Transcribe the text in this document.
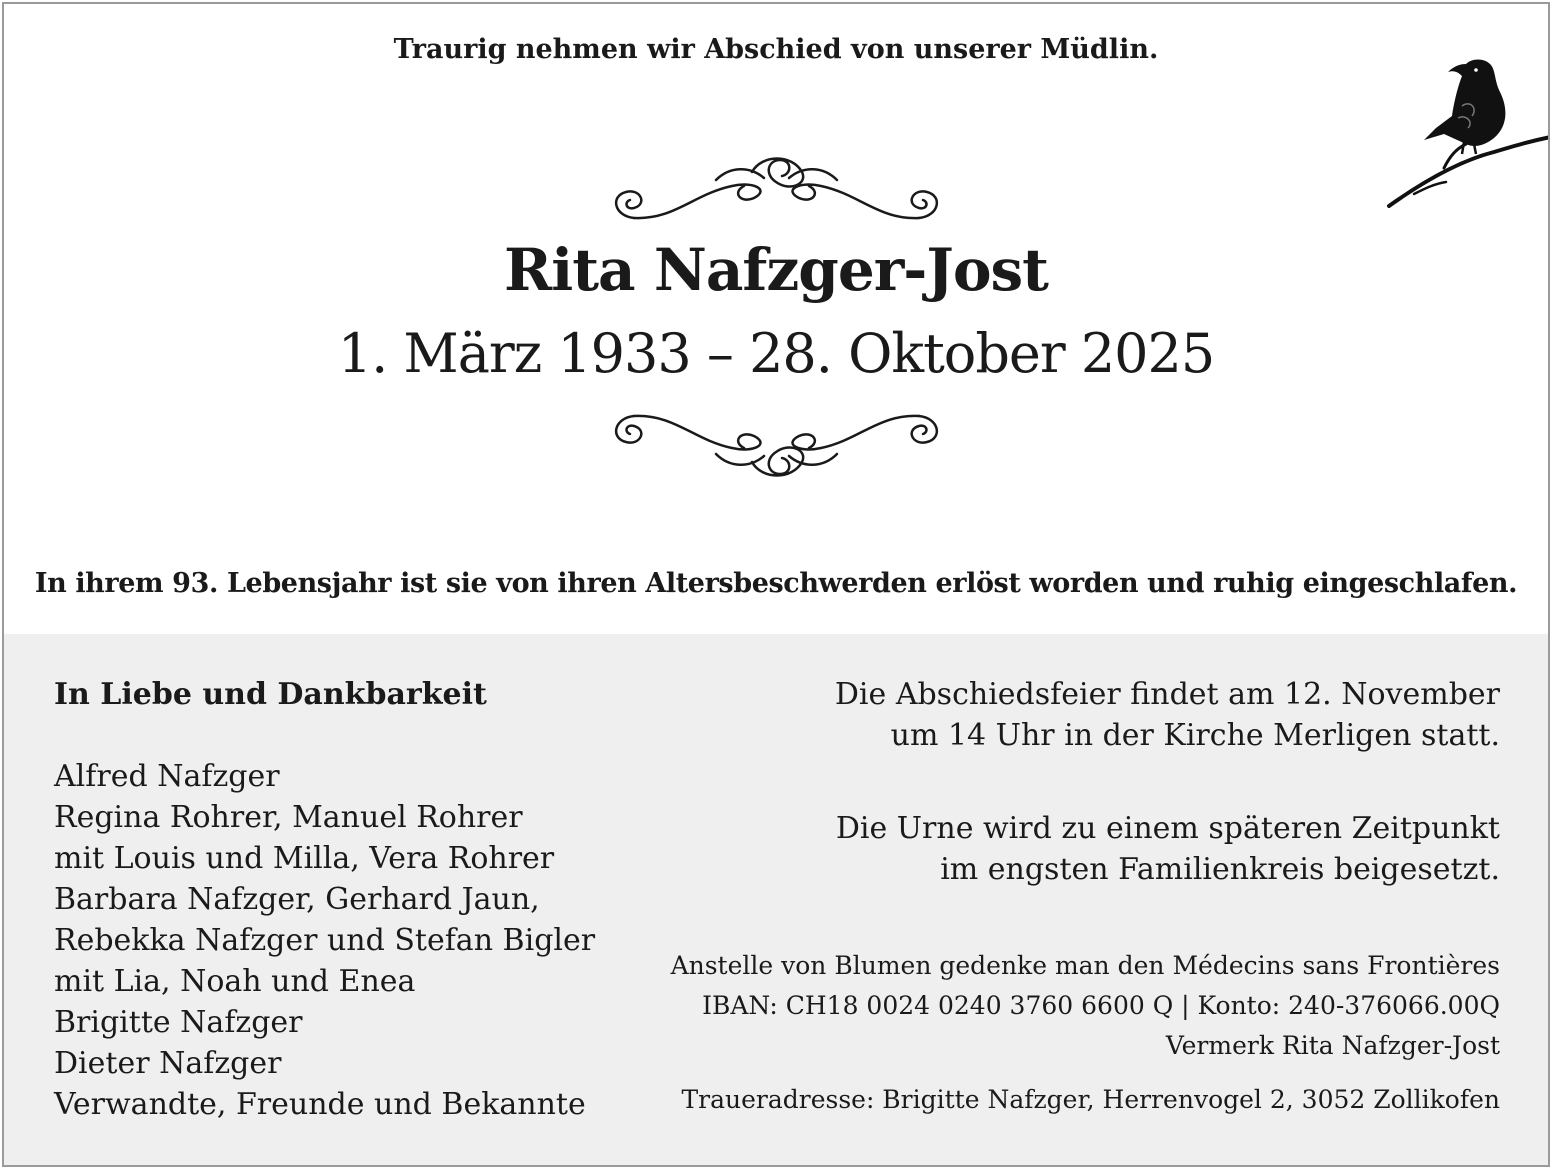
Traurig nehmen wir Abschied von unserer Müdlin.
Rita Nafzger-Jost
1. März 1933 – 28. Oktober 2025
In ihrem 93. Lebensjahr ist sie von ihren Altersbeschwerden erlöst worden und ruhig eingeschlafen.
In Liebe und Dankbarkeit
Alfred Nafzger
Regina Rohrer, Manuel Rohrer
mit Louis und Milla, Vera Rohrer
Barbara Nafzger, Gerhard Jaun,
Rebekka Nafzger und Stefan Bigler
mit Lia, Noah und Enea
Brigitte Nafzger
Dieter Nafzger
Verwandte, Freunde und Bekannte
Die Abschiedsfeier findet am 12. November
um 14 Uhr in der Kirche Merligen statt.
Die Urne wird zu einem späteren Zeitpunkt
im engsten Familienkreis beigesetzt.
Anstelle von Blumen gedenke man den Médecins sans Frontières
IBAN: CH18 0024 0240 3760 6600 Q | Konto: 240-376066.00Q
Vermerk Rita Nafzger-Jost
Traueradresse: Brigitte Nafzger, Herrenvogel 2, 3052 Zollikofen
